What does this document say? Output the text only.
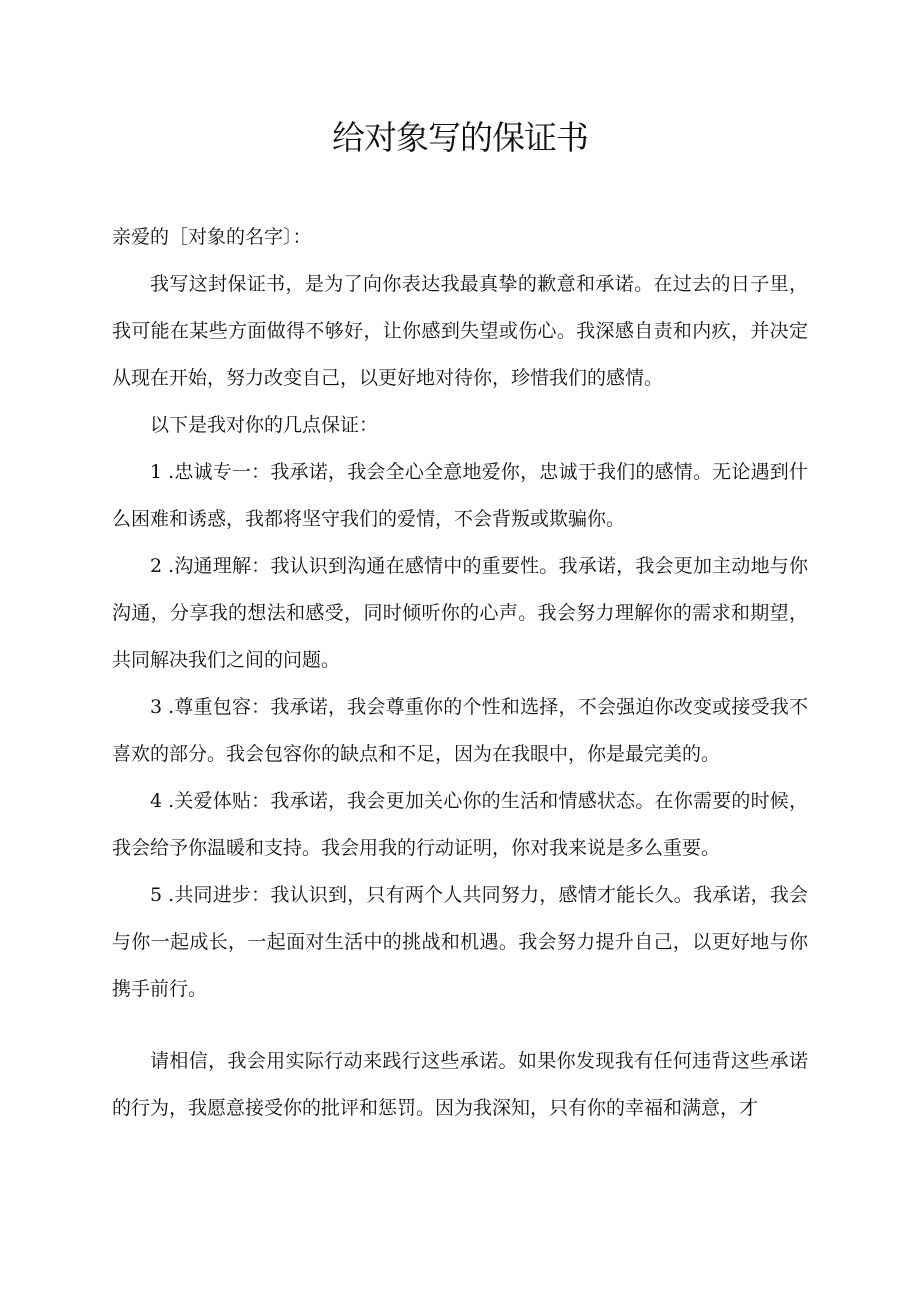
给对象写的保证书

亲爱的［对象的名字〕：

我写这封保证书，是为了向你表达我最真挚的歉意和承诺。在过去的日子里，我可能在某些方面做得不够好，让你感到失望或伤心。我深感自责和内疚，并决定从现在开始，努力改变自己，以更好地对待你，珍惜我们的感情。

以下是我对你的几点保证：

1 .忠诚专一：我承诺，我会全心全意地爱你，忠诚于我们的感情。无论遇到什么困难和诱惑，我都将坚守我们的爱情，不会背叛或欺骗你。

2 .沟通理解：我认识到沟通在感情中的重要性。我承诺，我会更加主动地与你沟通，分享我的想法和感受，同时倾听你的心声。我会努力理解你的需求和期望，共同解决我们之间的问题。

3 .尊重包容：我承诺，我会尊重你的个性和选择，不会强迫你改变或接受我不喜欢的部分。我会包容你的缺点和不足，因为在我眼中，你是最完美的。

4 .关爱体贴：我承诺，我会更加关心你的生活和情感状态。在你需要的时候，我会给予你温暖和支持。我会用我的行动证明，你对我来说是多么重要。

5 .共同进步：我认识到，只有两个人共同努力，感情才能长久。我承诺，我会与你一起成长，一起面对生活中的挑战和机遇。我会努力提升自己，以更好地与你携手前行。

请相信，我会用实际行动来践行这些承诺。如果你发现我有任何违背这些承诺的行为，我愿意接受你的批评和惩罚。因为我深知，只有你的幸福和满意，才
